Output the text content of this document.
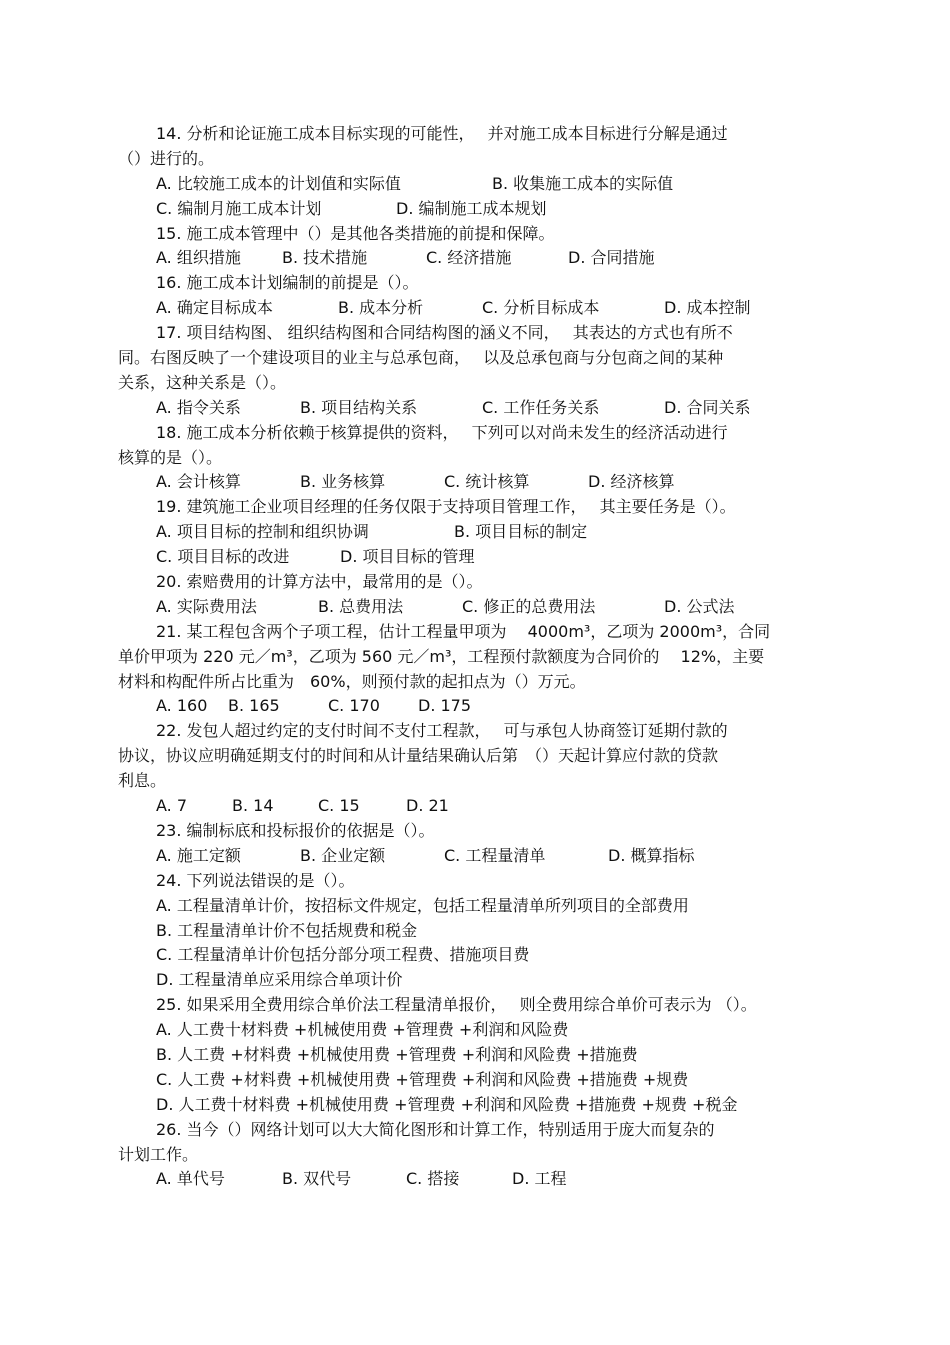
14. 分析和论证施工成本目标实现的可能性，　 并对施工成本目标进行分解是通过
（）进行的。
A. 比较施工成本的计划值和实际值	B. 收集施工成本的实际值
C. 编制月施工成本计划	D. 编制施工成本规划
15. 施工成本管理中（）是其他各类措施的前提和保障。
A. 组织措施	B. 技术措施	C. 经济措施	D. 合同措施
16. 施工成本计划编制的前提是（）。
A. 确定目标成本	B. 成本分析	C. 分析目标成本	D. 成本控制
17. 项目结构图、 组织结构图和合同结构图的涵义不同，　 其表达的方式也有所不
同。右图反映了一个建设项目的业主与总承包商，　 以及总承包商与分包商之间的某种
关系，这种关系是（）。
A. 指令关系	B. 项目结构关系	C. 工作任务关系	D. 合同关系
18. 施工成本分析依赖于核算提供的资料，　 下列可以对尚未发生的经济活动进行
核算的是（）。
A. 会计核算	B. 业务核算	C. 统计核算	D. 经济核算
19. 建筑施工企业项目经理的任务仅限于支持项目管理工作，　 其主要任务是（）。
A. 项目目标的控制和组织协调	B. 项目目标的制定
C. 项目目标的改进	D. 项目目标的管理
20. 索赔费用的计算方法中，最常用的是（）。
A. 实际费用法	B. 总费用法	C. 修正的总费用法	D. 公式法
21. 某工程包含两个子项工程，估计工程量甲项为　 4000m³，乙项为 2000m³，合同
单价甲项为 220 元／m³，乙项为 560 元／m³，工程预付款额度为合同价的　 12%，主要
材料和构配件所占比重为　60%，则预付款的起扣点为（）万元。
A. 160 B. 165	C. 170 D. 175
22. 发包人超过约定的支付时间不支付工程款，　 可与承包人协商签订延期付款的
协议，协议应明确延期支付的时间和从计量结果确认后第　（）天起计算应付款的贷款
利息。
A. 7	B. 14	C. 15	D. 21
23. 编制标底和投标报价的依据是（）。
A. 施工定额	B. 企业定额	C. 工程量清单	D. 概算指标
24. 下列说法错误的是（）。
A. 工程量清单计价，按招标文件规定，包括工程量清单所列项目的全部费用
B. 工程量清单计价不包括规费和税金
C. 工程量清单计价包括分部分项工程费、措施项目费
D. 工程量清单应采用综合单项计价
25. 如果采用全费用综合单价法工程量清单报价，　 则全费用综合单价可表示为 （）。
A. 人工费十材料费 +机械使用费 +管理费 +利润和风险费
B. 人工费 +材料费 +机械使用费 +管理费 +利润和风险费 +措施费
C. 人工费 +材料费 +机械使用费 +管理费 +利润和风险费 +措施费 +规费
D. 人工费十材料费 +机械使用费 +管理费 +利润和风险费 +措施费 +规费 +税金
26. 当今（）网络计划可以大大简化图形和计算工作，特别适用于庞大而复杂的
计划工作。
A. 单代号	B. 双代号	C. 搭接	D. 工程
